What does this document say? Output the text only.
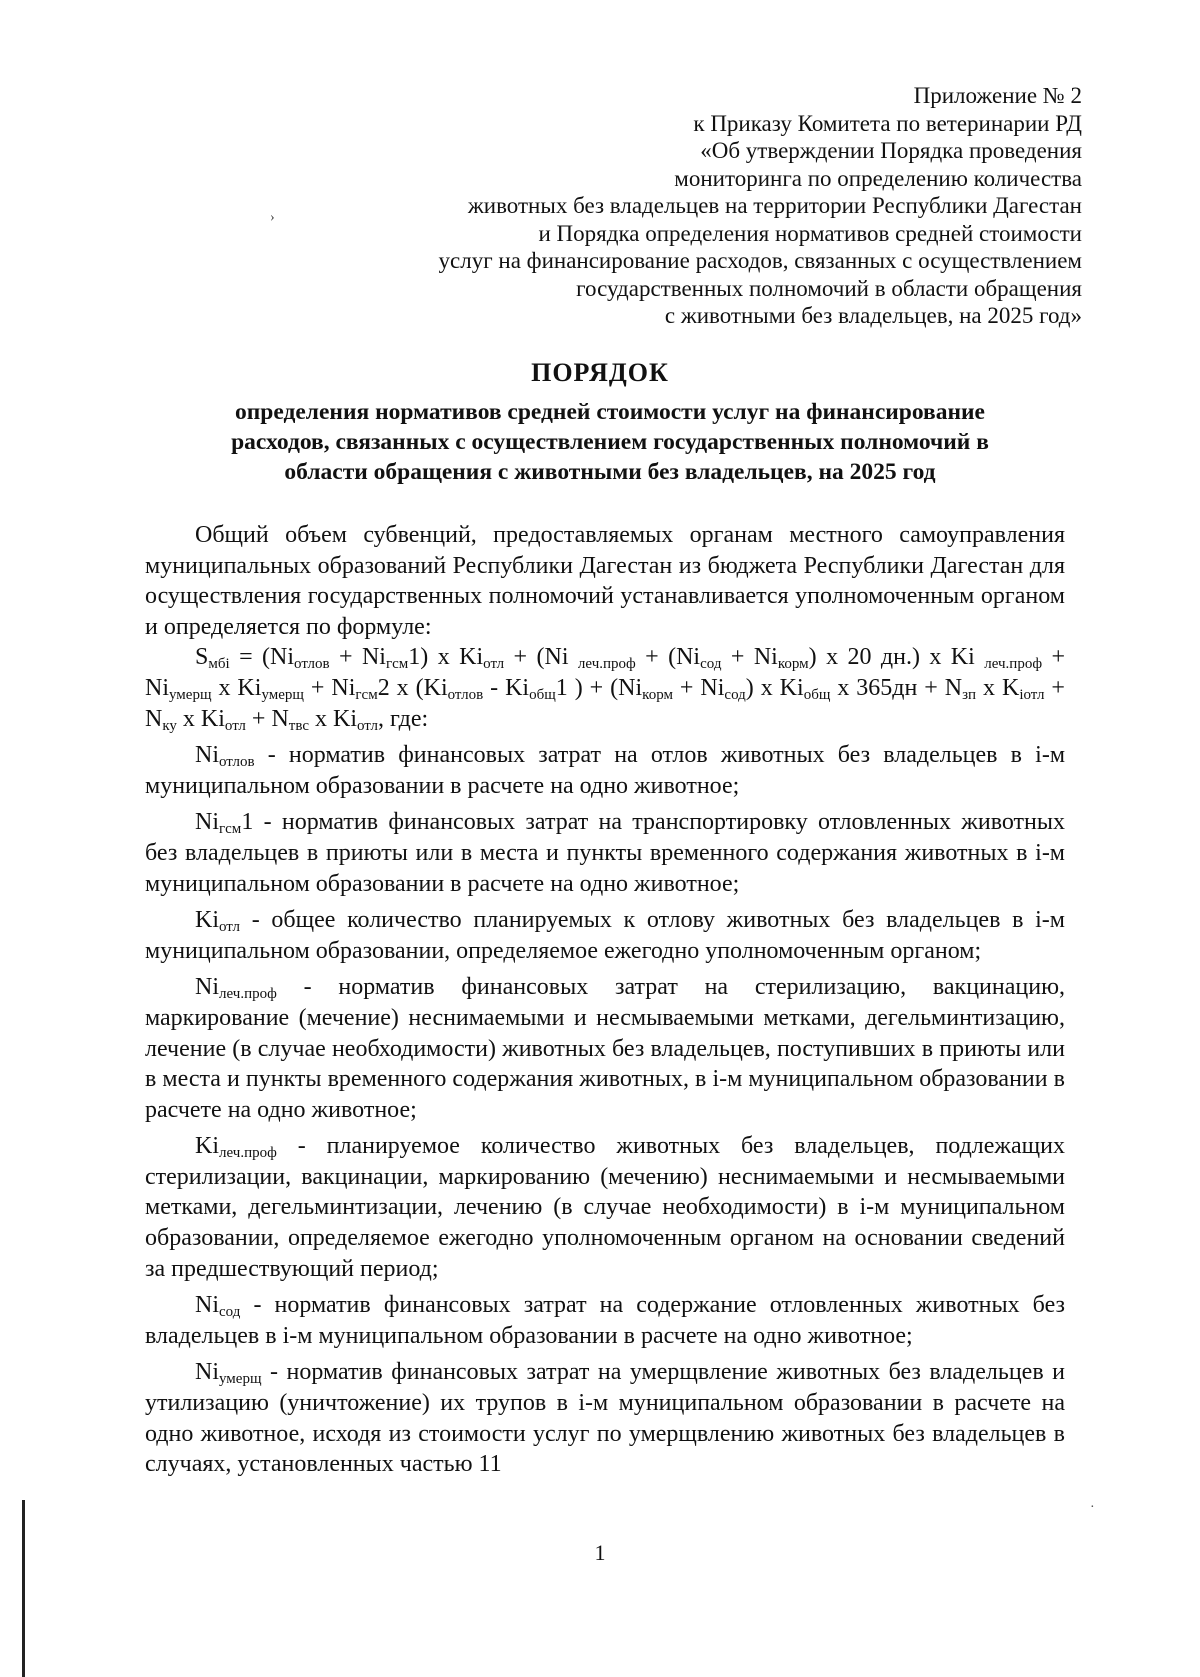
›
·
Приложение № 2
к Приказу Комитета по ветеринарии РД
«Об утверждении Порядка проведения
мониторинга по определению количества
животных без владельцев на территории Республики Дагестан
и Порядка определения нормативов средней стоимости
услуг на финансирование расходов, связанных с осуществлением
государственных полномочий в области обращения
с животными без владельцев, на 2025 год»
ПОРЯДОК
определения нормативов средней стоимости услуг на финансирование
расходов, связанных с осуществлением государственных полномочий в
области обращения с животными без владельцев, на 2025 год

Общий объем субвенций, предоставляемых органам местного самоуправления муниципальных образований Республики Дагестан из бюджета Республики Дагестан для осуществления государственных полномочий устанавливается уполномоченным органом и определяется по формуле:

$S_{мбі} = (Ni_{отлов} + Ni_{гсм}1)$ x $Ki_{отл} + (Ni$ $_{леч.проф} + (Ni_{сод} + Ni_{корм})$ x 20 дн.) x Ki $_{леч.проф} + Ni_{умерщ}$ x $Ki_{умерщ} + Ni_{гсм}2$ x ($Ki_{отлов} - Ki_{общ}1$ ) + $(Ni_{корм} + Ni_{сод})$ x $Ki_{общ}$ x $365дн + N_{зп}$ x $K_{iотл} + N_{ку}$ x $Ki_{отл} + N_{твс}$ x $Ki_{отл}$, где:

$Ni_{отлов}$ - норматив финансовых затрат на отлов животных без владельцев в i-м муниципальном образовании в расчете на одно животное;

$Ni_{гсм}1$ - норматив финансовых затрат на транспортировку отловленных животных без владельцев в приюты или в места и пункты временного содержания животных в i-м муниципальном образовании в расчете на одно животное;

$Ki_{отл}$ - общее количество планируемых к отлову животных без владельцев в i-м муниципальном образовании, определяемое ежегодно уполномоченным органом;

$Ni_{леч.проф}$ - норматив финансовых затрат на стерилизацию, вакцинацию, маркирование (мечение) неснимаемыми и несмываемыми метками, дегельминтизацию, лечение (в случае необходимости) животных без владельцев, поступивших в приюты или в места и пункты временного содержания животных, в i-м муниципальном образовании в расчете на одно животное;

$Ki_{леч.проф}$ - планируемое количество животных без владельцев, подлежащих стерилизации, вакцинации, маркированию (мечению) неснимаемыми и несмываемыми метками, дегельминтизации, лечению (в случае необходимости) в i-м муниципальном образовании, определяемое ежегодно уполномоченным органом на основании сведений за предшествующий период;

$Ni_{сод}$ - норматив финансовых затрат на содержание отловленных животных без владельцев в i-м муниципальном образовании в расчете на одно животное;

$Ni_{умерщ}$ - норматив финансовых затрат на умерщвление животных без владельцев и утилизацию (уничтожение) их трупов в i-м муниципальном образовании в расчете на одно животное, исходя из стоимости услуг по умерщвлению животных без владельцев в случаях, установленных частью 11

1
